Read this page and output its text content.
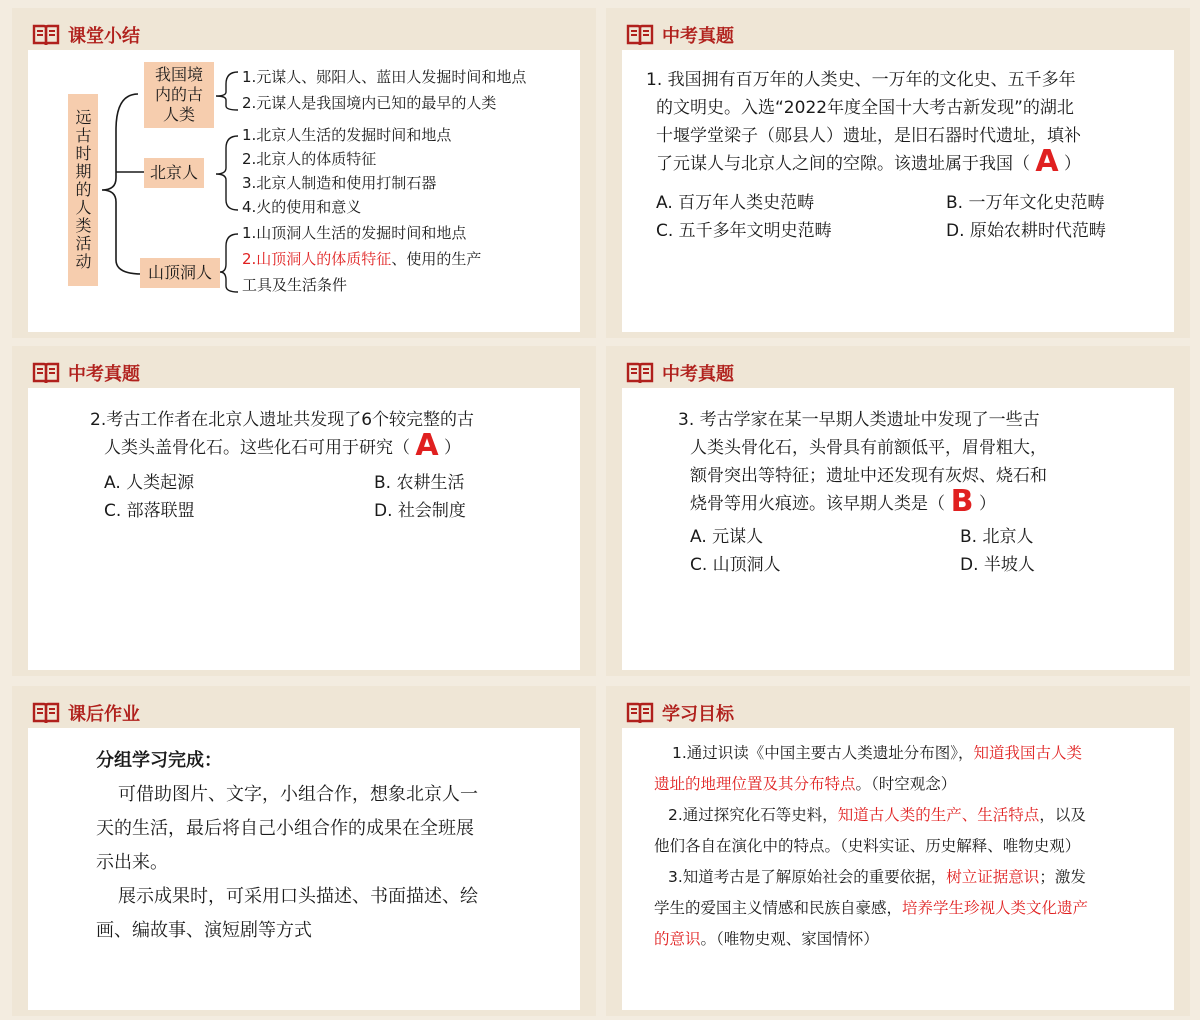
课堂小结
远古时期的人类活动
我国境内的古人类
北京人
山顶洞人
1.元谋人、郧阳人、蓝田人发掘时间和地点
2.元谋人是我国境内已知的最早的人类
1.北京人生活的发掘时间和地点
2.北京人的体质特征
3.北京人制造和使用打制石器
4.火的使用和意义
1.山顶洞人生活的发掘时间和地点
2.山顶洞人的体质特征、使用的生产
工具及生活条件
中考真题
1. 我国拥有百万年的人类史、一万年的文化史、五千多年
的文明史。入选“2022年度全国十大考古新发现”的湖北
十堰学堂梁子（郧县人）遗址，是旧石器时代遗址，填补
了元谋人与北京人之间的空隙。该遗址属于我国（ A ）
A. 百万年人类史范畴	B. 一万年文化史范畴
C. 五千多年文明史范畴	D. 原始农耕时代范畴
中考真题
2.考古工作者在北京人遗址共发现了6个较完整的古
人类头盖骨化石。这些化石可用于研究（ A ）
A. 人类起源	B. 农耕生活
C. 部落联盟	D. 社会制度
中考真题
3. 考古学家在某一早期人类遗址中发现了一些古
人类头骨化石，头骨具有前额低平，眉骨粗大，
额骨突出等特征；遗址中还发现有灰烬、烧石和
烧骨等用火痕迹。该早期人类是（ B ）
A. 元谋人	B. 北京人
C. 山顶洞人	D. 半坡人
课后作业
分组学习完成：
可借助图片、文字，小组合作，想象北京人一
天的生活，最后将自己小组合作的成果在全班展
示出来。
展示成果时，可采用口头描述、书面描述、绘
画、编故事、演短剧等方式
学习目标
1.通过识读《中国主要古人类遗址分布图》，知道我国古人类
遗址的地理位置及其分布特点。（时空观念）
2.通过探究化石等史料，知道古人类的生产、生活特点，以及
他们各自在演化中的特点。（史料实证、历史解释、唯物史观）
3.知道考古是了解原始社会的重要依据，树立证据意识；激发
学生的爱国主义情感和民族自豪感，培养学生珍视人类文化遗产
的意识。（唯物史观、家国情怀）
